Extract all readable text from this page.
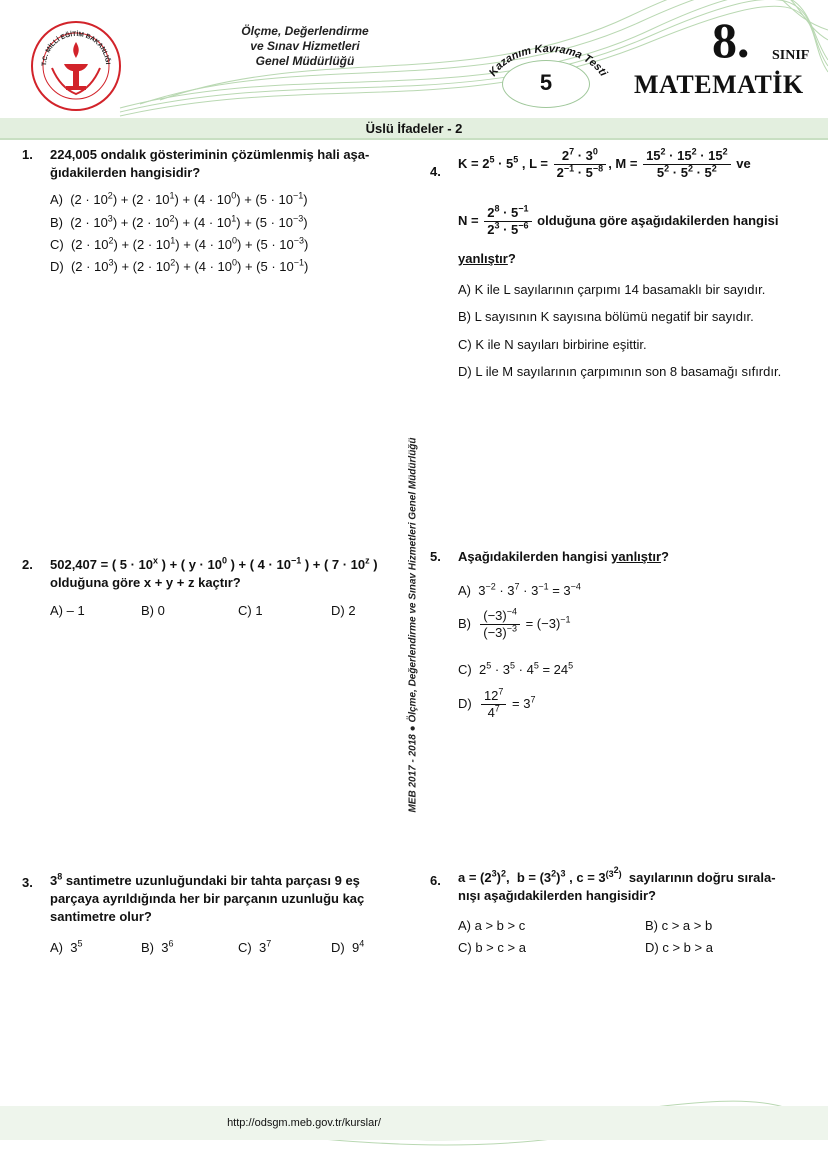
T.C. MİLLİ EĞİTİM BAKANLIĞI
Ölçme, Değerlendirme
ve Sınav Hizmetleri
Genel Müdürlüğü
Kazanım Kavrama Testi
5
8. SINIF
MATEMATİK
Üslü İfadeler - 2
1. 224,005 ondalık gösteriminin çözümlenmiş hali aşa-
ğıdakilerden hangisidir?
A)  $(2 \cdot 10^2) + (2 \cdot 10^1) + (4 \cdot 10^0) + (5 \cdot 10^{-1})$
B)  $(2 \cdot 10^3) + (2 \cdot 10^2) + (4 \cdot 10^1) + (5 \cdot 10^{-3})$
C)  $(2 \cdot 10^2) + (2 \cdot 10^1) + (4 \cdot 10^0) + (5 \cdot 10^{-3})$
D)  $(2 \cdot 10^3) + (2 \cdot 10^2) + (4 \cdot 10^0) + (5 \cdot 10^{-1})$
2. 502,407 = ( $5 \cdot 10^x$ ) + ( $y \cdot 10^0$ ) + ( $4 \cdot 10^{-1}$ ) + ( $7 \cdot 10^z$ )
olduğuna göre x + y + z kaçtır?
A) – 1	B) 0	C) 1	D) 2
3. $3^8$ santimetre uzunluğundaki bir tahta parçası 9 eş
parçaya ayrıldığında her bir parçanın uzunluğu kaç
santimetre olur?
A)  $3^5$	B)  $3^6$	C)  $3^7$	D)  $9^4$
MEB 2017 - 2018 ● Ölçme, Değerlendirme ve Sınav Hizmetleri Genel Müdürlüğü
4.
$K = 2^5 \cdot 5^5$ , $L = \frac{2^7 \cdot 3^0}{2^{-1} \cdot 5^{-8}}$ , $M = \frac{15^2 \cdot 15^2 \cdot 15^2}{5^2 \cdot 5^2 \cdot 5^2}$ ve
$N = \frac{2^8 \cdot 5^{-1}}{2^3 \cdot 5^{-6}}$ olduğuna göre aşağıdakilerden hangisi
yanlıştır?
A) K ile L sayılarının çarpımı 14 basamaklı bir sayıdır.
B) L sayısının K sayısına bölümü negatif bir sayıdır.
C) K ile N sayıları birbirine eşittir.
D) L ile M sayılarının çarpımının son 8 basamağı sıfırdır.
5. Aşağıdakilerden hangisi yanlıştır?
A)  $3^{-2} \cdot 3^7 \cdot 3^{-1} = 3^{-4}$
$B) \frac{(-3)^{-4}}{(-3)^{-3}} = (-3)^{-1}$
C)  $2^5 \cdot 3^5 \cdot 4^5 = 24^5$
$D) \frac{12^7}{4^7} = 3^7$
6. $a = (2^3)^2$,  $b = (3^2)^3$ , $c = 3^{(3^2)}$ sayılarının doğru sırala-
nışı aşağıdakilerden hangisidir?
A) a > b > c	B) c > a > b
C) b > c > a	D) c > b > a
http://odsgm.meb.gov.tr/kurslar/
